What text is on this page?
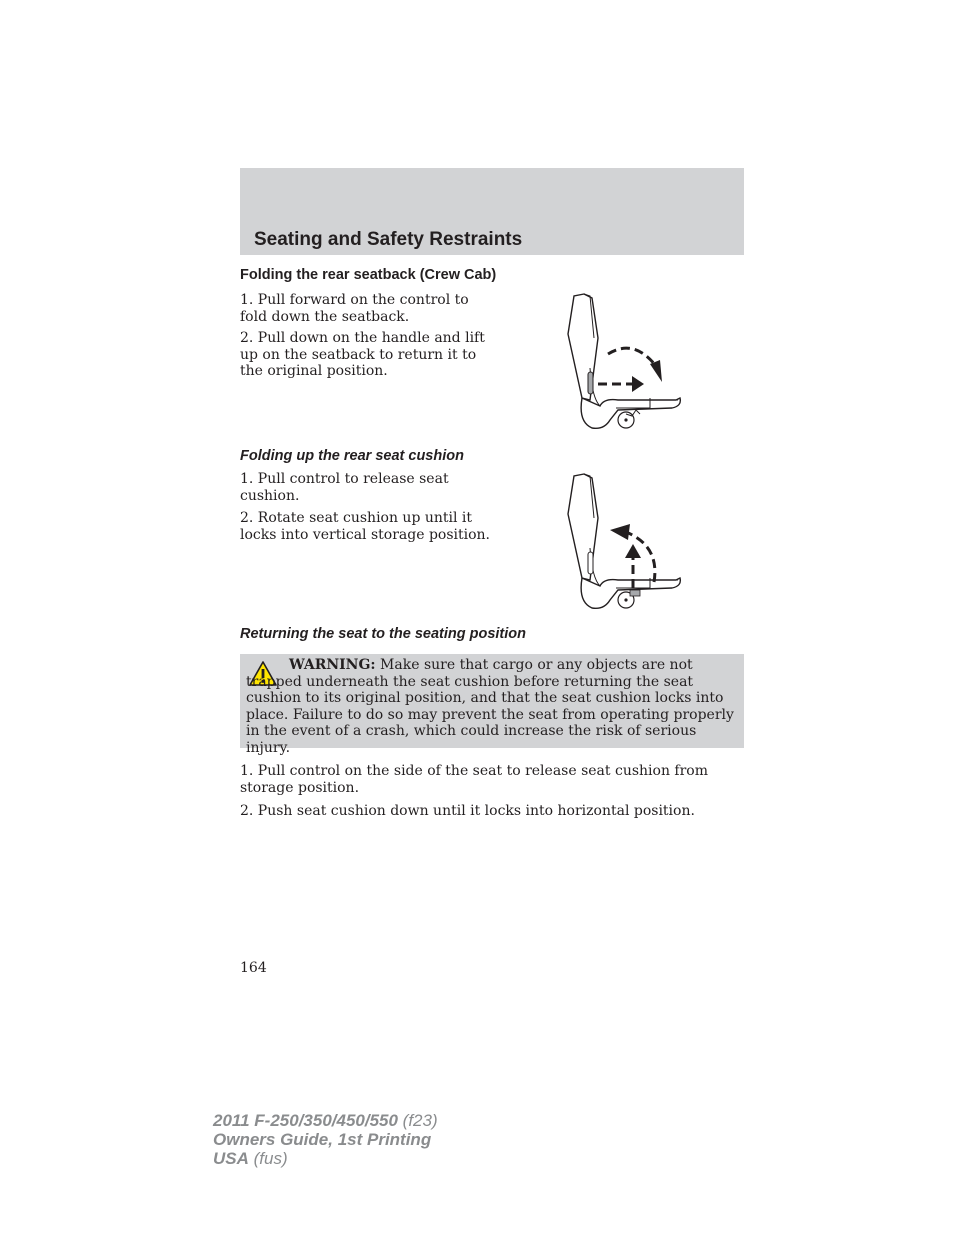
Seating and Safety Restraints
Folding the rear seatback (Crew Cab)
1. Pull forward on the control to fold down the seatback.
2. Pull down on the handle and lift up on the seatback to return it to the original position.
Folding up the rear seat cushion
1. Pull control to release seat cushion.
2. Rotate seat cushion up until it locks into vertical storage position.
Returning the seat to the seating position
WARNING: Make sure that cargo or any objects are not trapped underneath the seat cushion before returning the seat cushion to its original position, and that the seat cushion locks into place. Failure to do so may prevent the seat from operating properly in the event of a crash, which could increase the risk of serious injury.
1. Pull control on the side of the seat to release seat cushion from storage position.
2. Push seat cushion down until it locks into horizontal position.
164
2011 F-250/350/450/550 (f23)
Owners Guide, 1st Printing
USA (fus)
